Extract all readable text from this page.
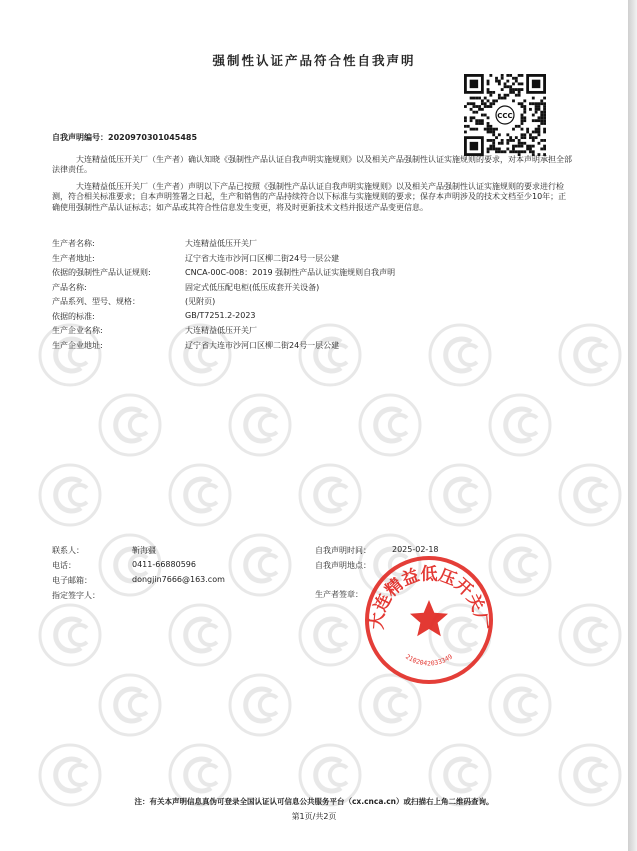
强制性认证产品符合性自我声明
CCC
自我声明编号：2020970301045485
大连精益低压开关厂（生产者）确认知晓《强制性产品认证自我声明实施规则》以及相关产品强制性认证实施规则的要求，对本声明承担全部法律责任。
大连精益低压开关厂（生产者）声明以下产品已按照《强制性产品认证自我声明实施规则》以及相关产品强制性认证实施规则的要求进行检测，符合相关标准要求；自本声明签署之日起，生产和销售的产品持续符合以下标准与实施规则的要求；保存本声明涉及的技术文档至少10年；正确使用强制性产品认证标志；如产品或其符合性信息发生变更，将及时更新技术文档并报送产品变更信息。
生产者名称:	大连精益低压开关厂
生产者地址:	辽宁省大连市沙河口区柳二街24号一层公建
依据的强制性产品认证规则:	CNCA-00C-008：2019 强制性产品认证实施规则自我声明
产品名称:	固定式低压配电柜(低压成套开关设备)
产品系列、型号、规格：	(见附页)
依据的标准:	GB/T7251.2-2023
生产企业名称:	大连精益低压开关厂
生产企业地址:	辽宁省大连市沙河口区柳二街24号一层公建
联系人：	靳海疆
电话：	0411-66880596
电子邮箱：	dongjin7666@163.com
指定签字人：
自我声明时间：	2025-02-18
自我声明地点：
生产者签章：
大连精益低压开关厂
2102042033349
注：有关本声明信息真伪可登录全国认证认可信息公共服务平台（cx.cnca.cn）或扫描右上角二维码查询。
第1页/共2页
